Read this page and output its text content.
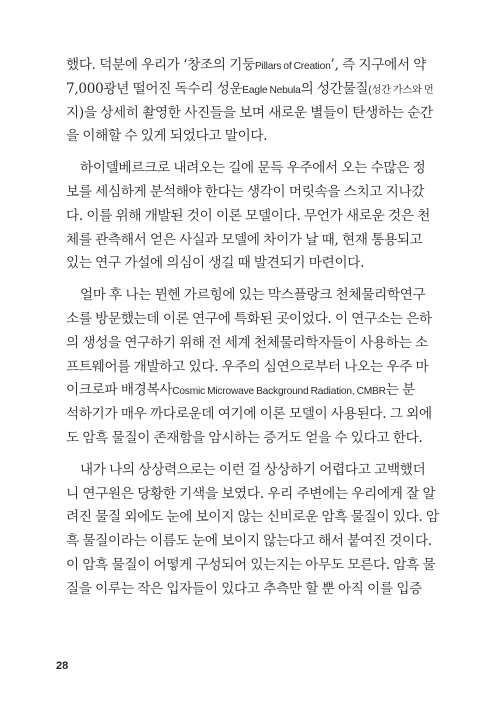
했다. 덕분에 우리가 ‘창조의 기둥Pillars of Creation’, 즉 지구에서 약
7,000광년 떨어진 독수리 성운Eagle Nebula의 성간물질(성간 가스와 먼
지)을 상세히 촬영한 사진들을 보며 새로운 별들이 탄생하는 순간
을 이해할 수 있게 되었다고 말이다.
하이델베르크로 내려오는 길에 문득 우주에서 오는 수많은 정
보를 세심하게 분석해야 한다는 생각이 머릿속을 스치고 지나갔
다. 이를 위해 개발된 것이 이론 모델이다. 무언가 새로운 것은 천
체를 관측해서 얻은 사실과 모델에 차이가 날 때, 현재 통용되고
있는 연구 가설에 의심이 생길 때 발견되기 마련이다.
얼마 후 나는 뮌헨 가르힝에 있는 막스플랑크 천체물리학연구
소를 방문했는데 이론 연구에 특화된 곳이었다. 이 연구소는 은하
의 생성을 연구하기 위해 전 세계 천체물리학자들이 사용하는 소
프트웨어를 개발하고 있다. 우주의 심연으로부터 나오는 우주 마
이크로파 배경복사Cosmic Microwave Background Radiation, CMBR는 분
석하기가 매우 까다로운데 여기에 이론 모델이 사용된다. 그 외에
도 암흑 물질이 존재함을 암시하는 증거도 얻을 수 있다고 한다.
내가 나의 상상력으로는 이런 걸 상상하기 어렵다고 고백했더
니 연구원은 당황한 기색을 보였다. 우리 주변에는 우리에게 잘 알
려진 물질 외에도 눈에 보이지 않는 신비로운 암흑 물질이 있다. 암
흑 물질이라는 이름도 눈에 보이지 않는다고 해서 붙여진 것이다.
이 암흑 물질이 어떻게 구성되어 있는지는 아무도 모른다. 암흑 물
질을 이루는 작은 입자들이 있다고 추측만 할 뿐 아직 이를 입증
28
